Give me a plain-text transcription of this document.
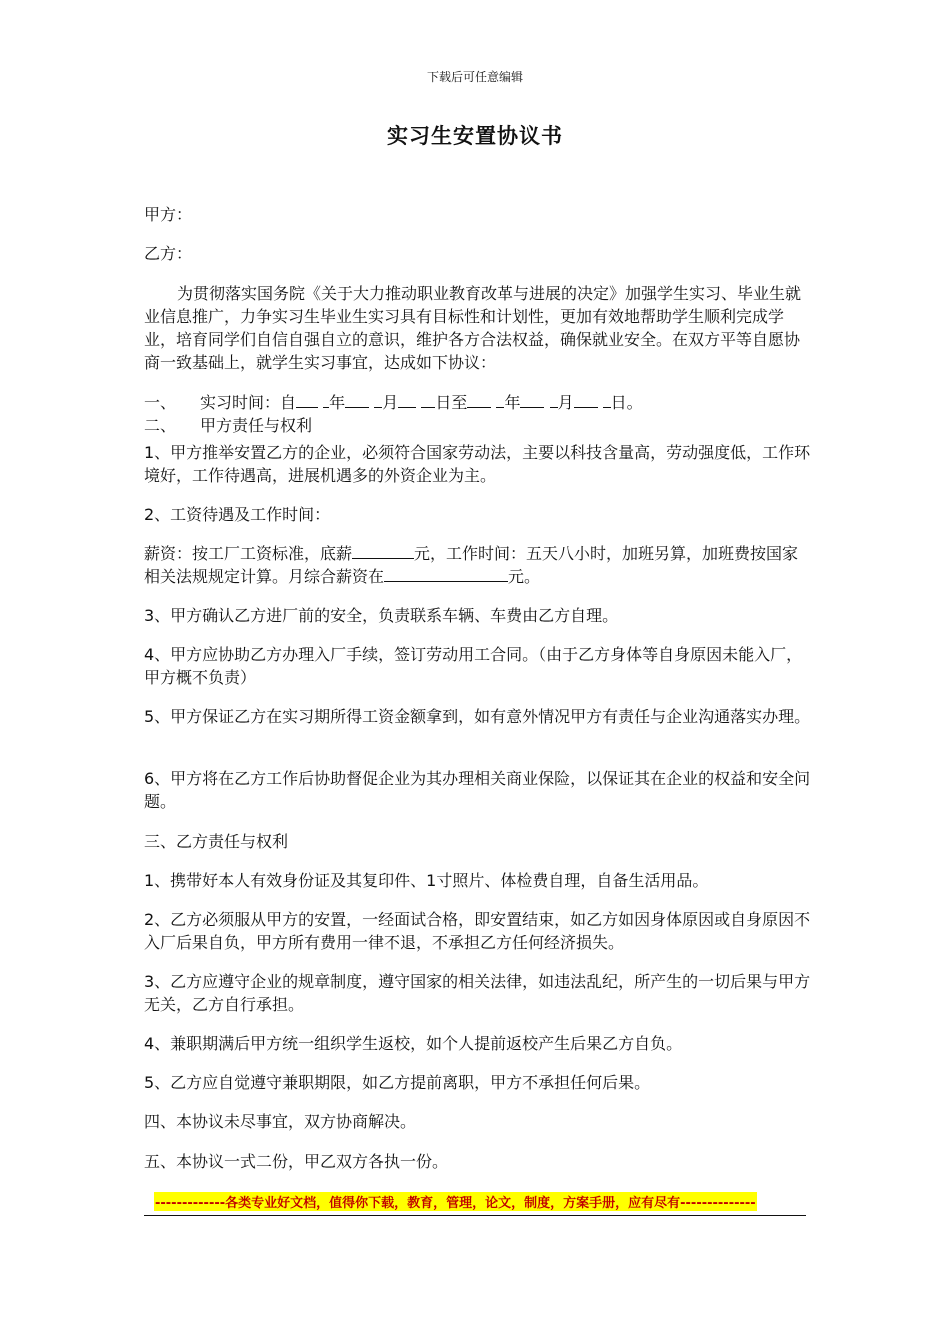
下载后可任意编辑
实习生安置协议书

甲方：

乙方：

为贯彻落实国务院《关于大力推动职业教育改革与进展的决定》加强学生实习、毕业生就业信息推广，力争实习生毕业生实习具有目标性和计划性，更加有效地帮助学生顺利完成学业，培育同学们自信自强自立的意识，维护各方合法权益，确保就业安全。在双方平等自愿协商一致基础上，就学生实习事宜，达成如下协议：

一、 实习时间：自 年 月 日至 年 月 日。

二、 甲方责任与权利

1、甲方推举安置乙方的企业，必须符合国家劳动法，主要以科技含量高，劳动强度低，工作环境好，工作待遇高，进展机遇多的外资企业为主。

2、工资待遇及工作时间：

薪资：按工厂工资标准，底薪	元，工作时间：五天八小时，加班另算，加班费按国家相关法规规定计算。月综合薪资在	元。

3、甲方确认乙方进厂前的安全，负责联系车辆、车费由乙方自理。

4、甲方应协助乙方办理入厂手续，签订劳动用工合同。（由于乙方身体等自身原因未能入厂，甲方概不负责）

5、甲方保证乙方在实习期所得工资金额拿到，如有意外情况甲方有责任与企业沟通落实办理。

6、甲方将在乙方工作后协助督促企业为其办理相关商业保险，以保证其在企业的权益和安全问题。

三、乙方责任与权利

1、携带好本人有效身份证及其复印件、1寸照片、体检费自理，自备生活用品。

2、乙方必须服从甲方的安置，一经面试合格，即安置结束，如乙方如因身体原因或自身原因不入厂后果自负，甲方所有费用一律不退，不承担乙方任何经济损失。

3、乙方应遵守企业的规章制度，遵守国家的相关法律，如违法乱纪，所产生的一切后果与甲方无关，乙方自行承担。

4、兼职期满后甲方统一组织学生返校，如个人提前返校产生后果乙方自负。

5、乙方应自觉遵守兼职期限，如乙方提前离职，甲方不承担任何后果。

四、本协议未尽事宜，双方协商解决。

五、本协议一式二份，甲乙双方各执一份。

-------------各类专业好文档，值得你下载，教育，管理，论文，制度，方案手册，应有尽有--------------
